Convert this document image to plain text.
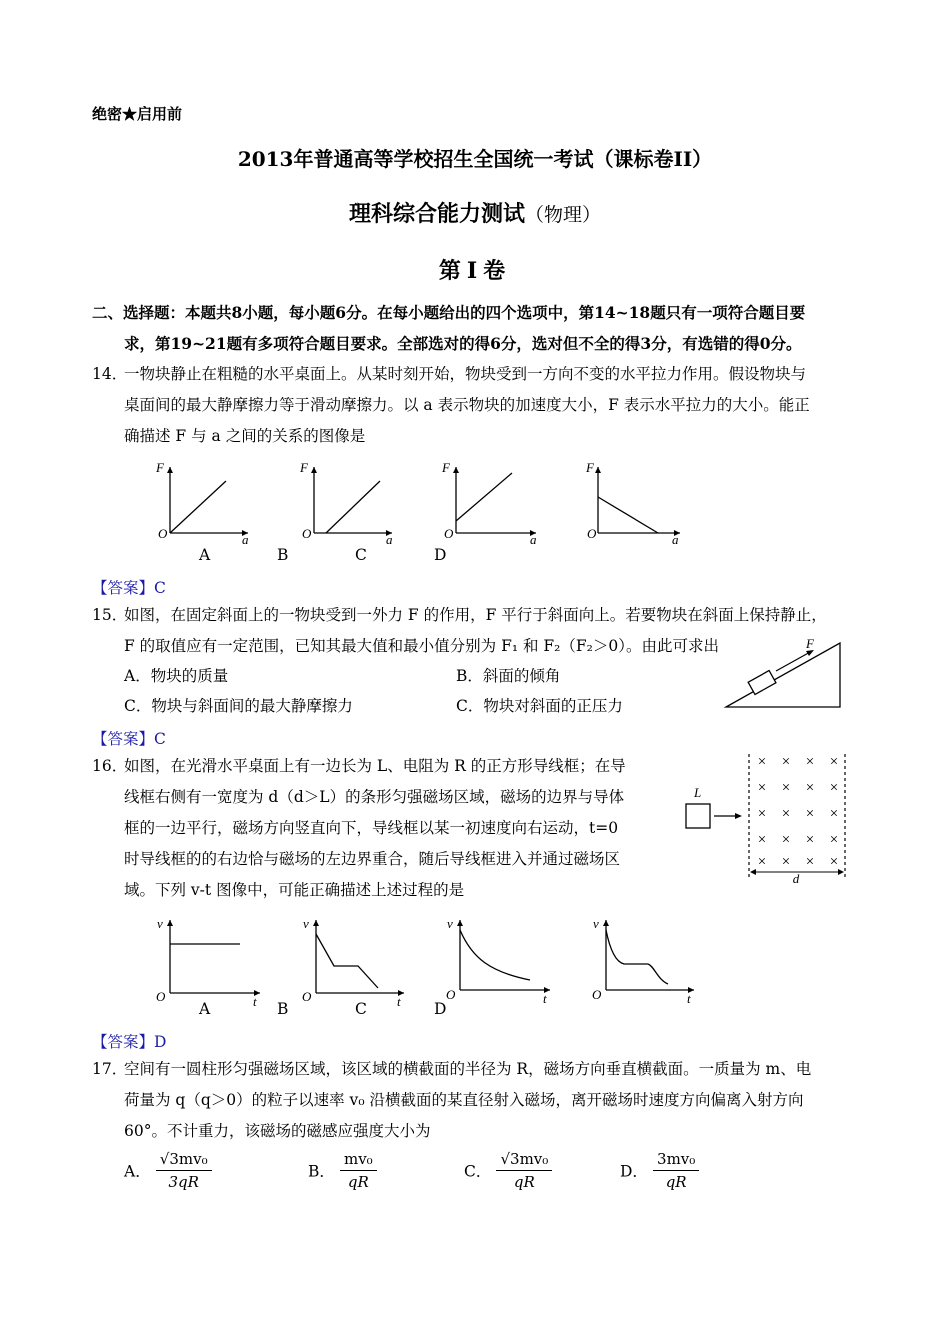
绝密★启用前
2013年普通高等学校招生全国统一考试（课标卷II）
理科综合能力测试（物理）
第Ⅰ卷
二、选择题：本题共8小题，每小题6分。在每小题给出的四个选项中，第14~18题只有一项符合题目要
求，第19~21题有多项符合题目要求。全部选对的得6分，选对但不全的得3分，有选错的得0分。
14．
一物块静止在粗糙的水平桌面上。从某时刻开始，物块受到一方向不变的水平拉力作用。假设物块与
桌面间的最大静摩擦力等于滑动摩擦力。以 a 表示物块的加速度大小，F 表示水平拉力的大小。能正
确描述 F 与 a 之间的关系的图像是
F
a
O
F
a
O
F
a
O
F
a
O
A	B	C	D
【答案】C
15．
如图，在固定斜面上的一物块受到一外力 F 的作用，F 平行于斜面向上。若要物块在斜面上保持静止，
F 的取值应有一定范围，已知其最大值和最小值分别为 F₁ 和 F₂（F₂＞0）。由此可求出
A．物块的质量	B．斜面的倾角
C．物块与斜面间的最大静摩擦力	C．物块对斜面的正压力
F
【答案】C
16．
如图，在光滑水平桌面上有一边长为 L、电阻为 R 的正方形导线框；在导
线框右侧有一宽度为 d（d＞L）的条形匀强磁场区域，磁场的边界与导体
框的一边平行，磁场方向竖直向下，导线框以某一初速度向右运动，t=0
时导线框的的右边恰与磁场的左边界重合，随后导线框进入并通过磁场区
域。下列 v-t 图像中，可能正确描述上述过程的是
L
× × × ×
× × × ×
× × × ×
× × × ×
× × × ×
d
v
t
O
v
t
O
v
t
O
v
t
O
A	B	C	D
【答案】D
17．
空间有一圆柱形匀强磁场区域，该区域的横截面的半径为 R，磁场方向垂直横截面。一质量为 m、电
荷量为 q（q＞0）的粒子以速率 v₀ 沿横截面的某直径射入磁场，离开磁场时速度方向偏离入射方向
60°。不计重力，该磁场的磁感应强度大小为
A． $\frac{\text{√3mv₀}}{3qR}$	B． $\frac{\text{mv₀}}{qR}$	C． $\frac{\text{√3mv₀}}{qR}$	D． $\frac{\text{3mv₀}}{qR}$
